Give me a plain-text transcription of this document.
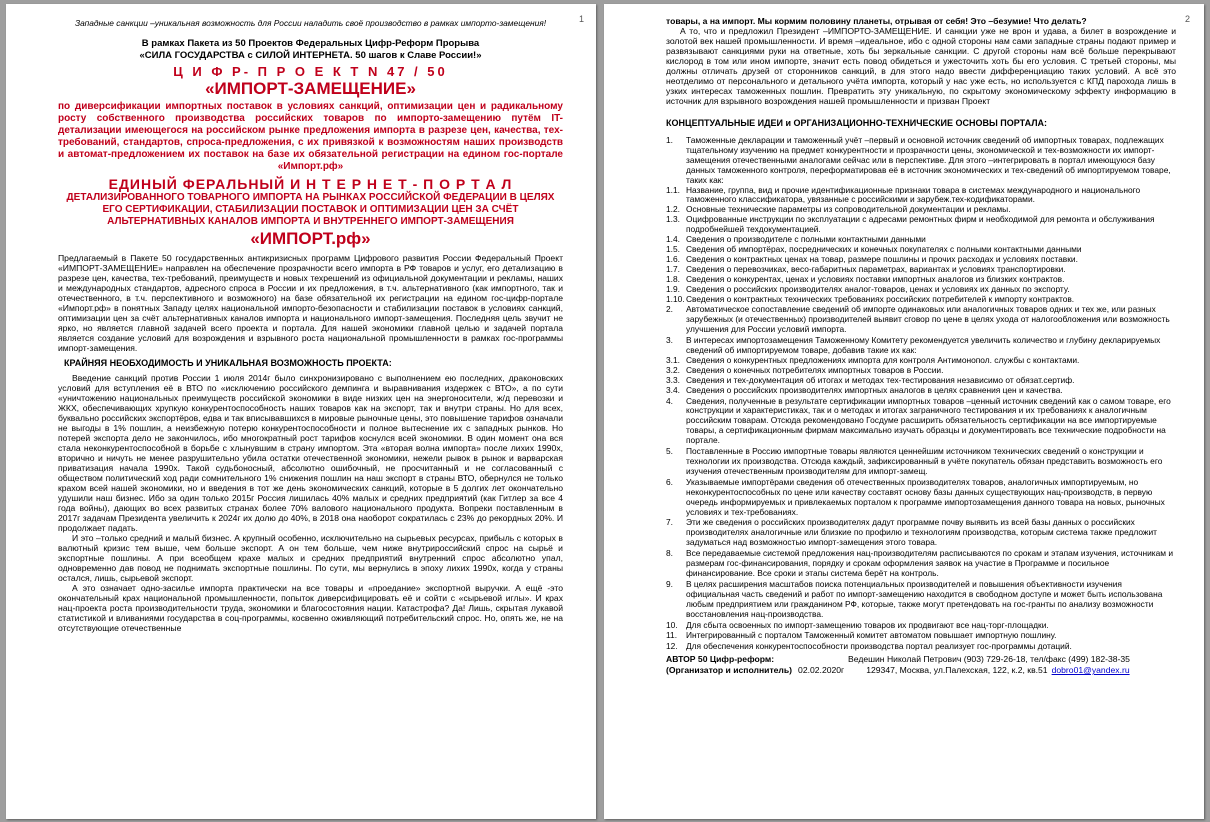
1

Западные санкции –уникальная возможность для России наладить своё производство в рамках импорто-замещения!

В рамках Пакета из 50 Проектов Федеральных Цифр-Реформ Прорыва

«СИЛА ГОСУДАРСТВА с СИЛОЙ ИНТЕРНЕТА. 50 шагов к Славе России!»

Ц И Ф Р- П Р О Е К Т N 47 / 50

«ИМПОРТ-ЗАМЕЩЕНИЕ»

по диверсификации импортных поставок в условиях санкций, оптимизации цен и радикальному росту собственного производства российских товаров по импорто-замещению путём IT-детализации имеющегося на российском рынке предложения импорта в разрезе цен, качества, тех-требований, стандартов, спроса-предложения, с их привязкой к возможностям наших производств и автомат-предложением их поставок на базе их обязательной регистрации на едином гос-портале «Импорт.рф»

ЕДИНЫЙ ФЕРАЛЬНЫЙ И Н Т Е Р Н Е Т - П О Р Т А Л

ДЕТАЛИЗИРОВАННОГО ТОВАРНОГО ИМПОРТА НА РЫНКАХ РОССИЙСКОЙ ФЕДЕРАЦИИ В ЦЕЛЯХ ЕГО СЕРТИФИКАЦИИ, СТАБИЛИЗАЦИИ ПОСТАВОК И ОПТИМИЗАЦИИ ЦЕН ЗА СЧЁТ АЛЬТЕРНАТИВНЫХ КАНАЛОВ ИМПОРТА И ВНУТРЕННЕГО ИМПОРТ-ЗАМЕЩЕНИЯ

«ИМПОРТ.рф»

Предлагаемый в Пакете 50 государственных антикризисных программ Цифрового развития России Федеральный Проект «ИМПОРТ-ЗАМЕЩЕНИЕ» направлен на обеспечение прозрачности всего импорта в РФ товаров и услуг, его детализацию в разрезе цен, качества, тех-требований, преимуществ и новых техрешений из официальной документации и рекламы, наших и международных стандартов, адресного спроса в России и их предложения, в т.ч. альтернативного (как импортного, так и отечественного, в т.ч. перспективного и возможного) на базе обязательной их регистрации на едином гос-цифр-портале «Импорт.рф» в понятных Западу целях национальной импорто-безопасности и стабилизации поставок в условиях санкций, оптимизации цен за счёт альтернативных каналов импорта и национального импорт-замещения. Последняя цель звучит не ярко, но является главной задачей всего проекта и портала. Для нашей экономики главной целью и задачей портала является создание условий для возрождения и взрывного роста национальной промышленности в рамках гос-программы импорт-замещения.

КРАЙНЯЯ НЕОБХОДИМОСТЬ И УНИКАЛЬНАЯ ВОЗМОЖНОСТЬ ПРОЕКТА:

Введение санкций против России 1 июля 2014г было синхронизировано с выполнением ею последних, драконовских условий для вступления её в ВТО по «исключению российского демпинга и выравнивания издержек с ВТО», а по сути «уничтожению национальных преимуществ российской экономики в виде низких цен на энергоносители, ж/д перевозки и ЖКХ, обеспечивающих хрупкую конкурентоспособность наших товаров как на экспорт, так и внутри страны. Но для всех, буквально российских экспортёров, едва и так вписывавшихся в мировые рыночные цены, это повышение тарифов означали не выгоды в 1% пошлин, а неизбежную потерю конкурентоспособности и полное вытеснение их с западных рынков. Но потерей экспорта дело не закончилось, ибо многократный рост тарифов коснулся всей экономики. В один момент она вся стала неконкурентоспособной в борьбе с хлынувшим в страну импортом. Эта «вторая волна импорта» после лихих 1990х, вторично и ничуть не менее разрушительно убила остатки отечественной экономики, нежели рывок в рынок и варварская приватизация начала 1990х. Такой судьбоносный, абсолютно ошибочный, не просчитанный и не согласованный с обществом политический ход ради сомнительного 1% снижения пошлин на наш экспорт в страны ВТО, обернулся не только крахом всей нашей экономики, но и введения в тот же день экономических санкций, которые в 5 долгих лет окончательно удушили наш бизнес. Ибо за один только 2015г Россия лишилась 40% малых и средних предприятий (как Гитлер за все 4 года войны), дающих во всех развитых странах более 70% валового национального продукта. Вопреки поставленным в 2017г задачам Президента увеличить к 2024г их долю до 40%, в 2018 она наоборот сократилась с 23% до рекордных 20%. И продолжает падать.

И это –только средний и малый бизнес. А крупный особенно, исключительно на сырьевых ресурсах, прибыль с которых в валютный кризис тем выше, чем больше экспорт. А он тем больше, чем ниже внутрироссийский спрос на сырьё и экспортные пошлины. А при всеобщем крахе малых и средних предприятий внутренний спрос абсолютно упал, одновременно дав повод не поднимать экспортные пошлины. По сути, мы вернулись в эпоху лихих 1990х, когда у страны остался, лишь, сырьевой экспорт.

А это означает одно-засилье импорта практически на все товары и «проедание» экспортной выручки. А ещё -это окончательный крах национальной промышленности, попыток диверсифицировать её и сойти с «сырьевой иглы». И крах нац-проекта роста производительности труда, экономики и благосостояния нации. Катастрофа? Да! Лишь, скрытая лукавой статистикой и вливаниями государства в соц-программы, косвенно оживляющий потребительский спрос. Но, опять же, не на отсутствующие отечественные

2

товары, а на импорт. Мы кормим половину планеты, отрывая от себя! Это –безумие! Что делать?

А то, что и предложил Президент –ИМПОРТО-ЗАМЕЩЕНИЕ. И санкции уже не врон и удава, а билет в возрождение и золотой век нашей промышленности. И время –идеальное, ибо с одной стороны нам сами западные страны подают пример и развязывают санкциями руки на ответные, хоть бы зеркальные санкции. С другой стороны нам всё больше перекрывают кислород в том или ином импорте, значит есть повод обидеться и ужесточить хоть бы его условия. С третьей стороны, мы должны отличать друзей от сторонников санкций, в для этого надо ввести дифференциацию таких условий. А всё это неотделимо от персонального и детального учёта импорта, который у нас уже есть, но используется с КПД парохода лишь в узких интересах таможенных пошлин. Превратить эту уникальную, по скрытому экономическому эффекту информацию в источник для взрывного возрождения нашей промышленности и призван Проект

КОНЦЕПТУАЛЬНЫЕ ИДЕИ и ОРГАНИЗАЦИОННО-ТЕХНИЧЕСКИЕ ОСНОВЫ ПОРТАЛА:

1.	Таможенные декларации и таможенный учёт –первый и основной источник сведений об импортных товарах, подлежащих тщательному изучению на предмет конкурентности и прозрачности цены, экономической и тех-возможности их импорт-замещения отечественными аналогами сейчас или в перспективе. Для этого –интегрировать в портал имеющуюся базу данных таможенного контроля, переформатировав её в источник экономических и тех-сведений об импортируемом товаре, таких как:
1.1. Название, группа, вид и прочие идентификационные признаки товара в системах международного и национального таможенного классификатора, увязанные с российскими и зарубеж.тех-кодификаторами.
1.2. Основные технические параметры из сопроводительной документации и рекламы.
1.3. Оцифрованные инструкции по эксплуатации с адресами ремонтных фирм и необходимой для ремонта и обслуживания подробнейшей техдокументацией.
1.4. Сведения о производителе с полными контактными данными
1.5. Сведения об импортёрах, посреднических и конечных покупателях с полными контактными данными
1.6. Сведения о контрактных ценах на товар, размере пошлины и прочих расходах и условиях поставки.
1.7. Сведения о перевозчиках, весо-габаритных параметрах, вариантах и условиях транспортировки.
1.8. Сведения о конкурентах, ценах и условиях поставки импортных аналогов из близких контрактов.
1.9. Сведения о российских производителях аналог-товаров, ценах и условиях их данных по экспорту.
1.10. Сведения о контрактных технических требованиях российских потребителей к импорту контрактов.
2.	Автоматическое сопоставление сведений об импорте одинаковых или аналогичных товаров одних и тех же, или разных зарубежных (и отечественных) производителей выявит сговор по цене в целях ухода от налогообложения или возможность улучшения для России условий импорта.
3.	В интересах импортозамещения Таможенному Комитету рекомендуется увеличить количество и глубину декларируемых сведений об импортируемом товаре, добавив такие их как:
3.1. Сведения о конкурентных предложениях импорта для контроля Антимонопол. службы с контактами.
3.2. Сведения о конечных потребителях импортных товаров в России.
3.3. Сведения и тех-документация об итогах и методах тех-тестирования независимо от обязат.сертиф.
3.4. Сведения о российских производителях импортных аналогов в целях сравнения цен и качества.
4.	Сведения, полученные в результате сертификации импортных товаров –ценный источник сведений как о самом товаре, его конструкции и характеристиках, так и о методах и итогах заграничного тестирования и их требованиях к аналогичным российским товарам. Отсюда рекомендовано Госдуме расширить обязательность сертификации на все импортируемые товары, а сертификационным фирмам максимально изучать образцы и документировать все технические подробности на портале.
5.	Поставленные в Россию импортные товары являются ценнейшим источником технических сведений о конструкции и технологии их производства. Отсюда каждый, зафиксированный в учёте покупатель обязан представить возможность его изучения отечественным производителям для импорт-замещ.
6.	Указываемые импортёрами сведения об отечественных производителях товаров, аналогичных импортируемым, но неконкурентоспособных по цене или качеству составят основу базы данных существующих нац-производств, в первую очередь информируемых и привлекаемых порталом к программе импортозамещения данного товара на новых, рыночных условиях и тех-требованиях.
7.	Эти же сведения о российских производителях дадут программе почву выявить из всей базы данных о российских производителях аналогичные или близкие по профилю и технологиям производства, которым система также предложит задуматься над возможностью импорт-замещения этого товара.
8.	Все передаваемые системой предложения нац-производителям расписываются по срокам и этапам изучения, источникам и размерам гос-финансирования, порядку и срокам оформления заявок на участие в Программе и посильное финансирование. Все сроки и этапы система берёт на контроль.
9.	В целях расширения масштабов поиска потенциальных производителей и повышения объективности изучения официальная часть сведений и работ по импорт-замещению находится в свободном доступе и может быть использована любым предприятием или гражданином РФ, которые, также могут претендовать на гос-гранты по анализу возможности восстановления нац-производства.
10. Для сбыта освоенных по импорт-замещению товаров их продвигают все нац-торг-площадки.
11.	Интегрированный с порталом Таможенный комитет автоматом повышает импортную пошлину.
12. Для обеспечения конкурентоспособности производства портал реализует гос-программы дотаций.
АВТОР 50 Цифр-реформ:	Ведешин Николай Петрович (903) 729-26-18, тел/факс (499) 182-38-35
(Организатор и исполнитель) 02.02.2020г	129347, Москва, ул.Палехская, 122, к.2, кв.51 dobro01@yandex.ru
